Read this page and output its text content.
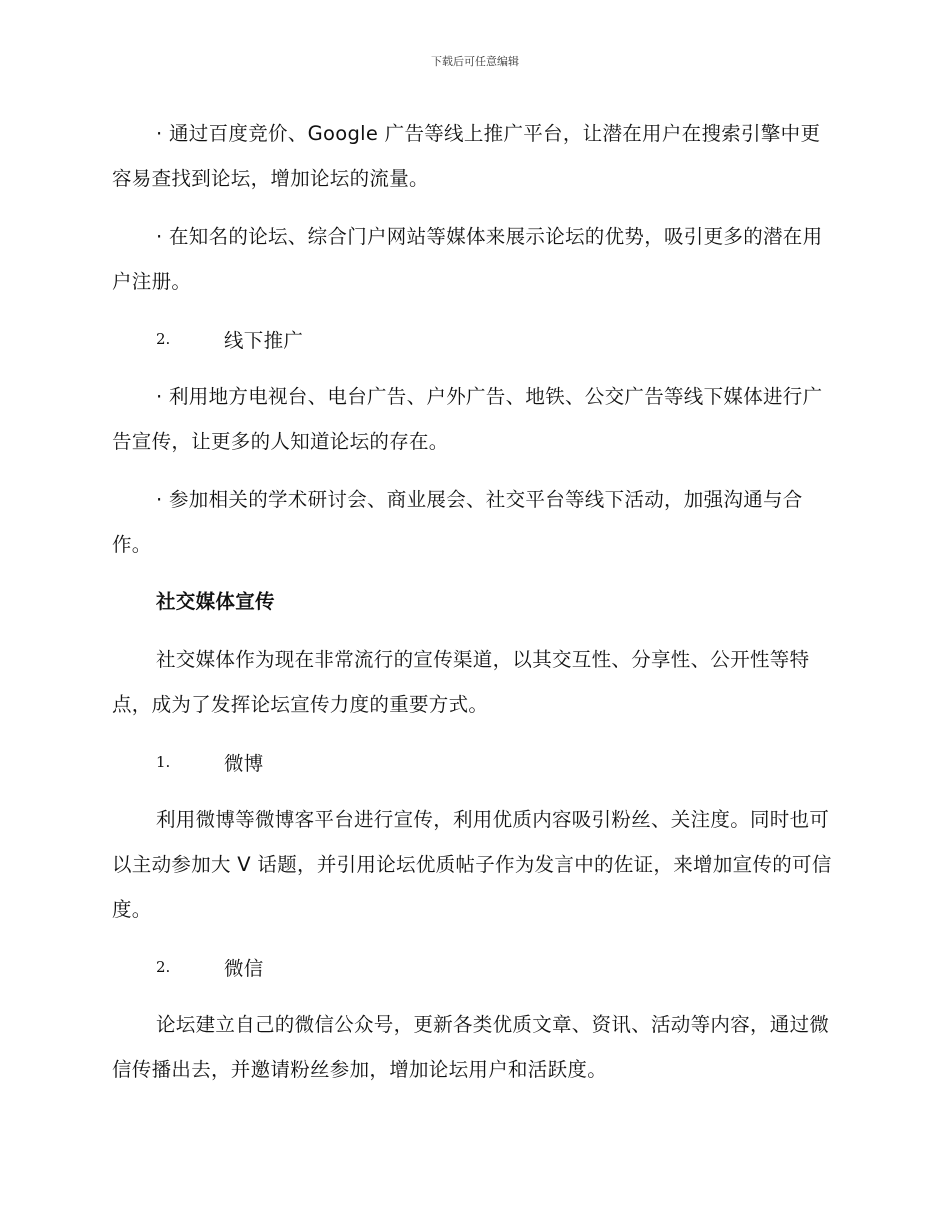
下载后可任意编辑

· 通过百度竞价、Google 广告等线上推广平台，让潜在用户在搜索引擎中更容易查找到论坛，增加论坛的流量。

· 在知名的论坛、综合门户网站等媒体来展示论坛的优势，吸引更多的潜在用户注册。

2.	线下推广

· 利用地方电视台、电台广告、户外广告、地铁、公交广告等线下媒体进行广告宣传，让更多的人知道论坛的存在。

· 参加相关的学术研讨会、商业展会、社交平台等线下活动，加强沟通与合作。

社交媒体宣传

社交媒体作为现在非常流行的宣传渠道，以其交互性、分享性、公开性等特点，成为了发挥论坛宣传力度的重要方式。

1.	微博

利用微博等微博客平台进行宣传，利用优质内容吸引粉丝、关注度。同时也可以主动参加大 V 话题，并引用论坛优质帖子作为发言中的佐证，来增加宣传的可信度。

2.	微信

论坛建立自己的微信公众号，更新各类优质文章、资讯、活动等内容，通过微信传播出去，并邀请粉丝参加，增加论坛用户和活跃度。
